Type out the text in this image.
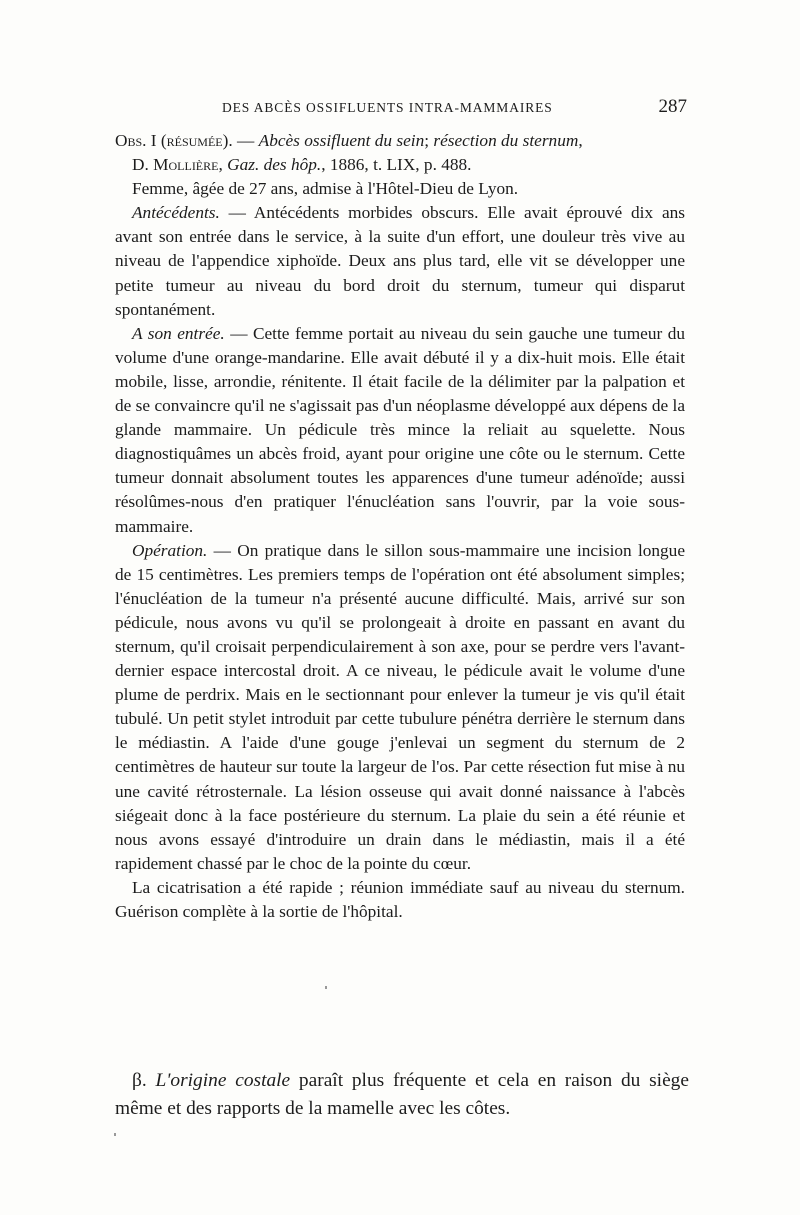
DES ABCÈS OSSIFLUENTS INTRA-MAMMAIRES	287

Obs. I (résumée). — Abcès ossifluent du sein; résection du sternum,

D. Mollière, Gaz. des hôp., 1886, t. LIX, p. 488.

Femme, âgée de 27 ans, admise à l'Hôtel-Dieu de Lyon.

Antécédents. — Antécédents morbides obscurs. Elle avait éprouvé dix ans avant son entrée dans le service, à la suite d'un effort, une douleur très vive au niveau de l'appendice xiphoïde. Deux ans plus tard, elle vit se développer une petite tumeur au niveau du bord droit du sternum, tumeur qui disparut spontanément.

A son entrée. — Cette femme portait au niveau du sein gauche une tumeur du volume d'une orange-mandarine. Elle avait débuté il y a dix-huit mois. Elle était mobile, lisse, arrondie, rénitente. Il était facile de la délimiter par la palpation et de se convaincre qu'il ne s'agissait pas d'un néoplasme développé aux dépens de la glande mammaire. Un pédicule très mince la reliait au squelette. Nous diagnostiquâmes un abcès froid, ayant pour origine une côte ou le sternum. Cette tumeur donnait absolument toutes les apparences d'une tumeur adénoïde; aussi résolûmes-nous d'en pratiquer l'énucléation sans l'ouvrir, par la voie sous-mammaire.

Opération. — On pratique dans le sillon sous-mammaire une incision longue de 15 centimètres. Les premiers temps de l'opération ont été absolument simples; l'énucléation de la tumeur n'a présenté aucune difficulté. Mais, arrivé sur son pédicule, nous avons vu qu'il se prolongeait à droite en passant en avant du sternum, qu'il croisait perpendiculairement à son axe, pour se perdre vers l'avant-dernier espace intercostal droit. A ce niveau, le pédicule avait le volume d'une plume de perdrix. Mais en le sectionnant pour enlever la tumeur je vis qu'il était tubulé. Un petit stylet introduit par cette tubulure pénétra derrière le sternum dans le médiastin. A l'aide d'une gouge j'enlevai un segment du sternum de 2 centimètres de hauteur sur toute la largeur de l'os. Par cette résection fut mise à nu une cavité rétrosternale. La lésion osseuse qui avait donné naissance à l'abcès siégeait donc à la face postérieure du sternum. La plaie du sein a été réunie et nous avons essayé d'introduire un drain dans le médiastin, mais il a été rapidement chassé par le choc de la pointe du cœur.

La cicatrisation a été rapide ; réunion immédiate sauf au niveau du sternum. Guérison complète à la sortie de l'hôpital.

β. L'origine costale paraît plus fréquente et cela en raison du siège même et des rapports de la mamelle avec les côtes.
